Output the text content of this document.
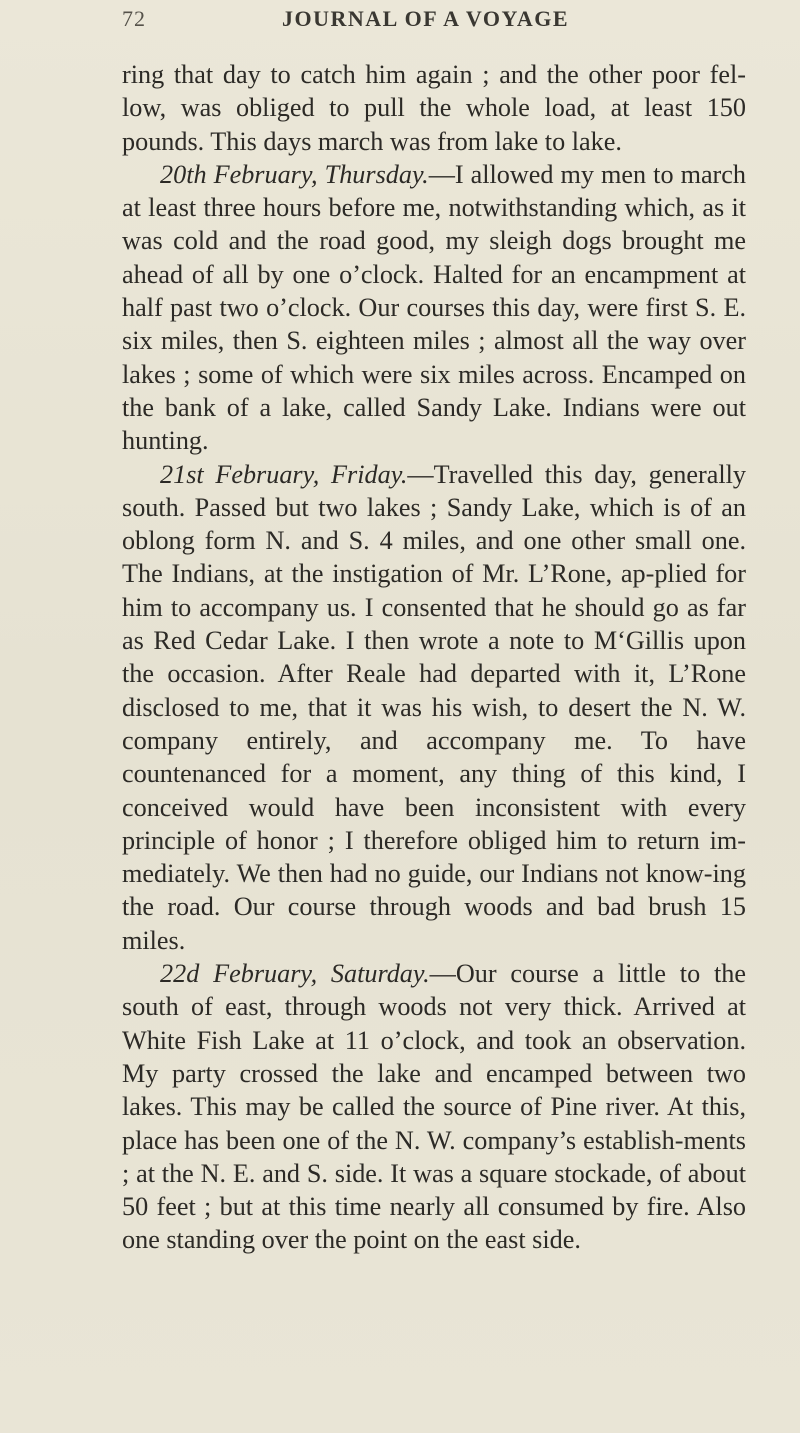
72	JOURNAL OF A VOYAGE

ring that day to catch him again ; and the other poor fel-low, was obliged to pull the whole load, at least 150 pounds. This days march was from lake to lake.

20th February, Thursday.—I allowed my men to march at least three hours before me, notwithstanding which, as it was cold and the road good, my sleigh dogs brought me ahead of all by one o’clock. Halted for an encampment at half past two o’clock. Our courses this day, were first S. E. six miles, then S. eighteen miles ; almost all the way over lakes ; some of which were six miles across. Encamped on the bank of a lake, called Sandy Lake. Indians were out hunting.

21st February, Friday.—Travelled this day, generally south. Passed but two lakes ; Sandy Lake, which is of an oblong form N. and S. 4 miles, and one other small one. The Indians, at the instigation of Mr. L’Rone, ap-plied for him to accompany us. I consented that he should go as far as Red Cedar Lake. I then wrote a note to M‘Gillis upon the occasion. After Reale had departed with it, L’Rone disclosed to me, that it was his wish, to desert the N. W. company entirely, and accompany me. To have countenanced for a moment, any thing of this kind, I conceived would have been inconsistent with every principle of honor ; I therefore obliged him to return im-mediately. We then had no guide, our Indians not know-ing the road. Our course through woods and bad brush 15 miles.

22d February, Saturday.—Our course a little to the south of east, through woods not very thick. Arrived at White Fish Lake at 11 o’clock, and took an observation. My party crossed the lake and encamped between two lakes. This may be called the source of Pine river. At this, place has been one of the N. W. company’s establish-ments ; at the N. E. and S. side. It was a square stockade, of about 50 feet ; but at this time nearly all consumed by fire. Also one standing over the point on the east side.
